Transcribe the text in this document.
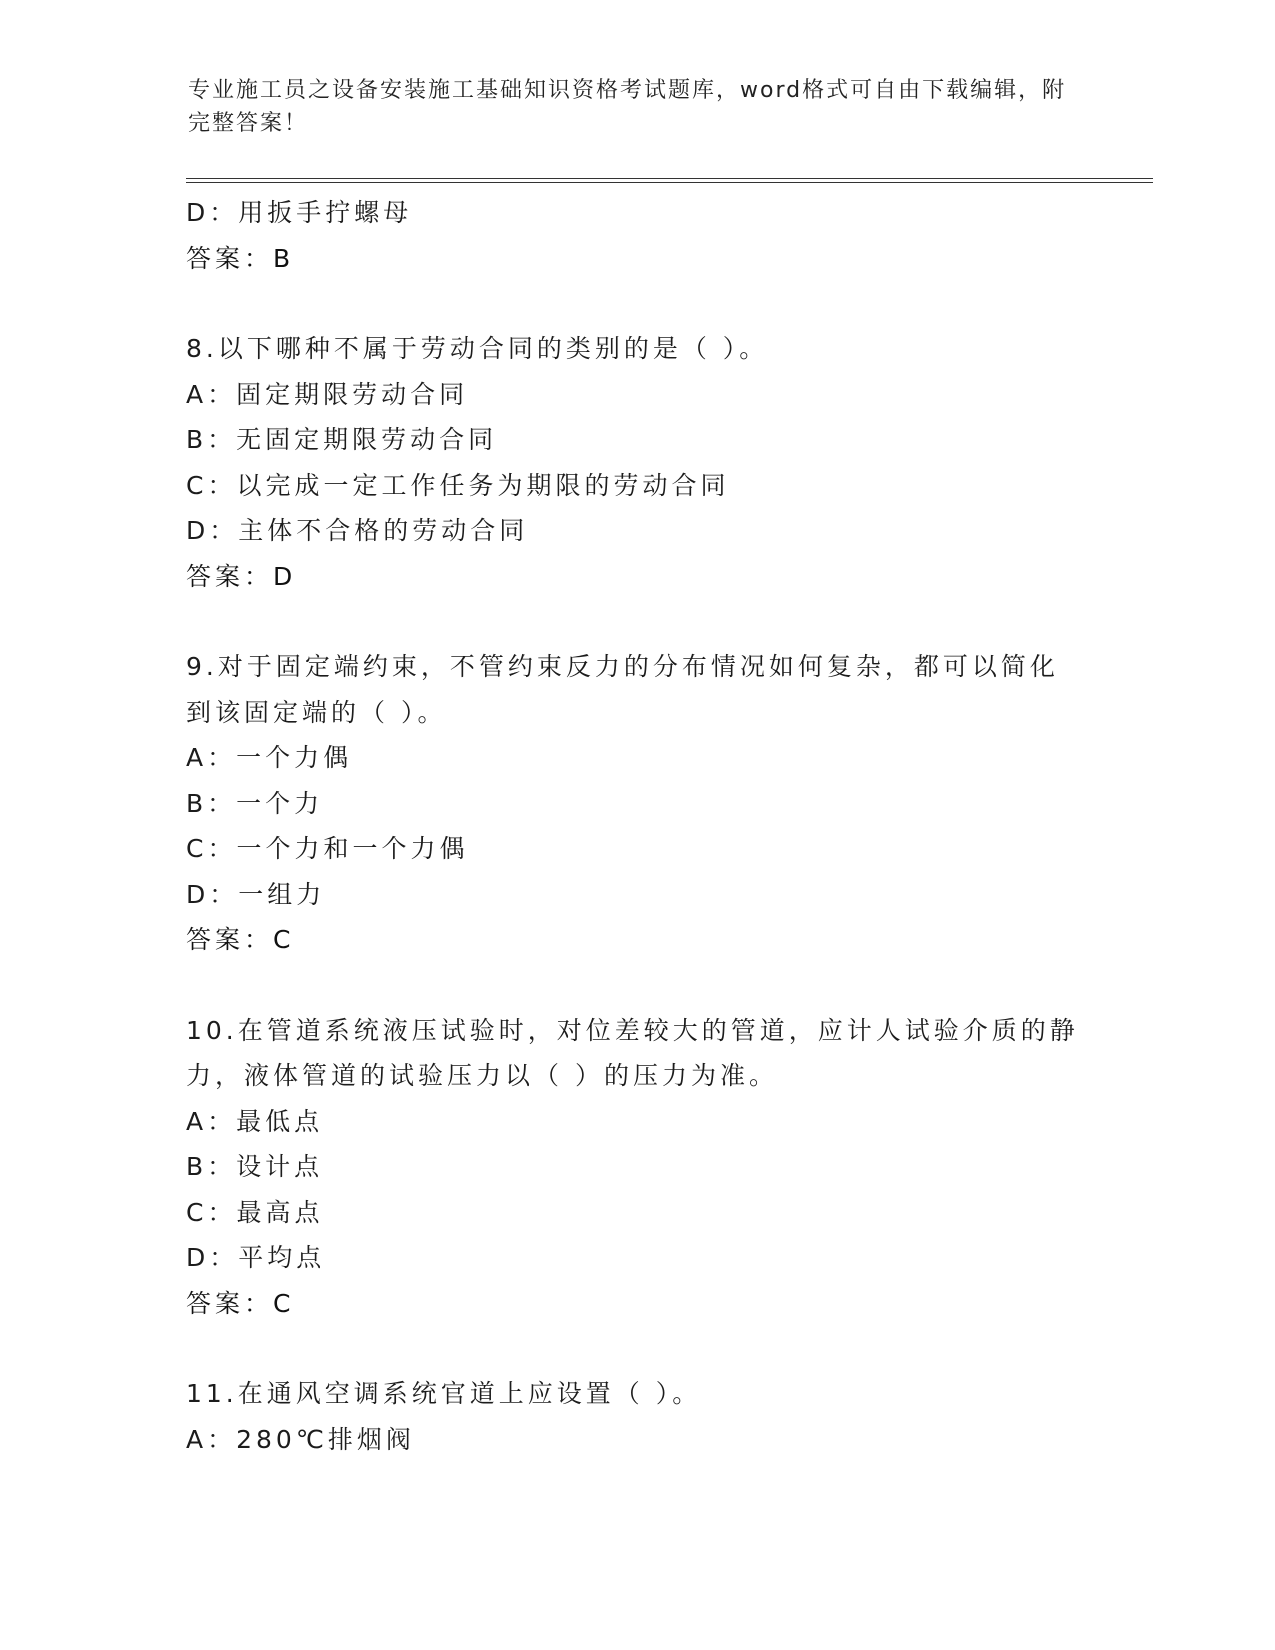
专业施工员之设备安装施工基础知识资格考试题库，word格式可自由下载编辑，附完整答案！
D：用扳手拧螺母
答案：B
8.以下哪种不属于劳动合同的类别的是（ ）。
A：固定期限劳动合同
B：无固定期限劳动合同
C：以完成一定工作任务为期限的劳动合同
D：主体不合格的劳动合同
答案：D
9.对于固定端约束，不管约束反力的分布情况如何复杂，都可以简化
到该固定端的（ ）。
A：一个力偶
B：一个力
C：一个力和一个力偶
D：一组力
答案：C
10.在管道系统液压试验时，对位差较大的管道，应计人试验介质的静
力，液体管道的试验压力以（ ）的压力为准。
A：最低点
B：设计点
C：最高点
D：平均点
答案：C
11.在通风空调系统官道上应设置（ ）。
A：280℃排烟阀
